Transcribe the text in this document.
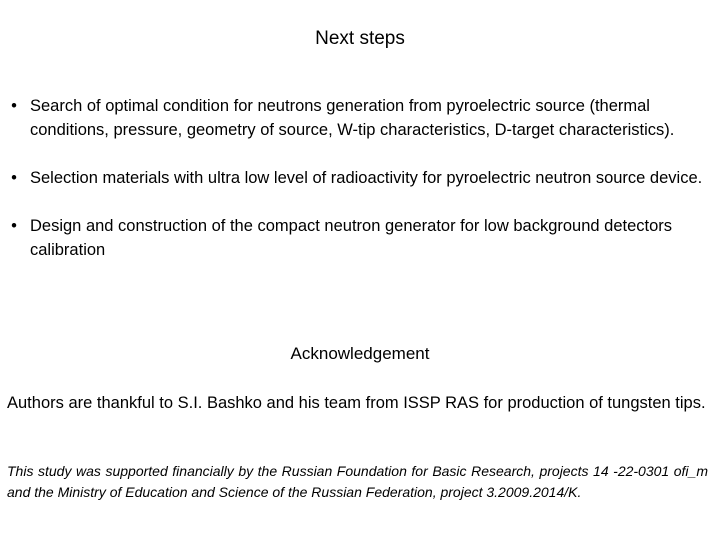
Next steps
• Search of optimal condition for neutrons generation from pyroelectric source (thermal conditions, pressure, geometry of source, W-tip characteristics, D-target characteristics).
• Selection materials with ultra low level of radioactivity for pyroelectric neutron source device.
• Design and construction of the compact neutron generator for low background detectors calibration
Acknowledgement
Authors are thankful to S.I. Bashko and his team from ISSP RAS for production of tungsten tips.
This study was supported financially by the Russian Foundation for Basic Research, projects 14 -22-0301 ofi_m and the Ministry of Education and Science of the Russian Federation, project 3.2009.2014/K.
